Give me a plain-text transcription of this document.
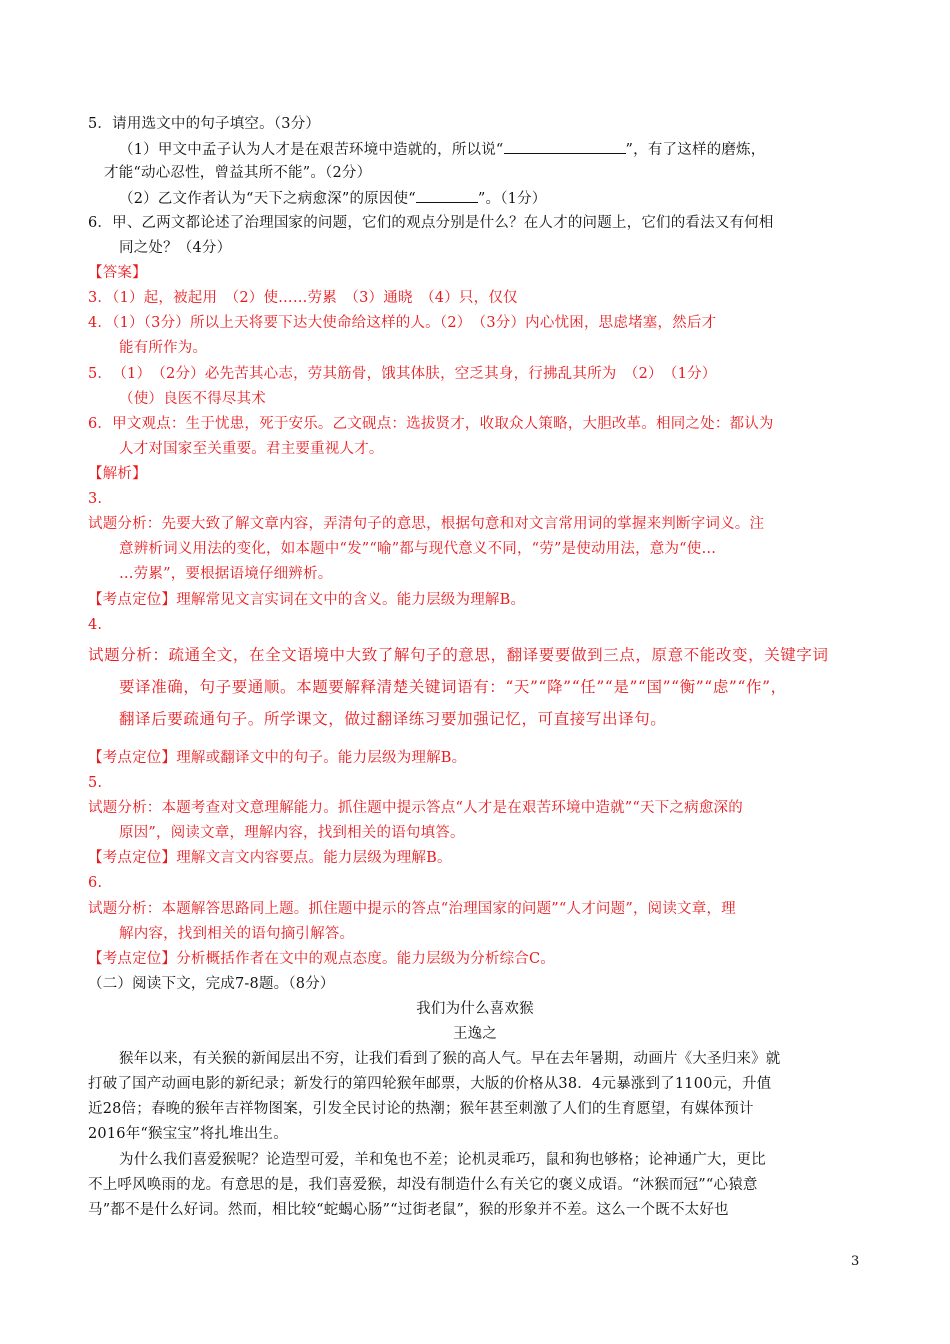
5．请用选文中的句子填空。（3分）
（1）甲文中孟子认为人才是在艰苦环境中造就的，所以说“	”，有了这样的磨炼，
才能“动心忍性，曾益其所不能”。（2分）
（2）乙文作者认为“天下之病愈深”的原因使“	”。（1分）
6．甲、乙两文都论述了治理国家的问题，它们的观点分别是什么？在人才的问题上，它们的看法又有何相
同之处？（4分）
【答案】
3．（1）起，被起用　（2）使……劳累　（3）通晓　（4）只，仅仅
4．（1）（3分）所以上天将要下达大使命给这样的人。（2）　（3分）内心忧困，思虑堵塞，然后才
能有所作为。
5．　（1）　（2分）必先苦其心志，劳其筋骨，饿其体肤，空乏其身，行拂乱其所为　（2）　（1分）
（使）良医不得尽其术
6．甲文观点：生于忧患，死于安乐。乙文砚点：选拔贤才，收取众人策略，大胆改革。相同之处：都认为
人才对国家至关重要。君主要重视人才。
【解析】
3.
试题分析：先要大致了解文章内容，弄清句子的意思，根据句意和对文言常用词的掌握来判断字词义。注
意辨析词义用法的变化，如本题中“发”“喻”都与现代意义不同，“劳”是使动用法，意为“使…
…劳累”，要根据语境仔细辨析。
【考点定位】理解常见文言实词在文中的含义。能力层级为理解B。
4.
试题分析：疏通全文，在全文语境中大致了解句子的意思，翻译要要做到三点，原意不能改变，关键字词
要译准确，句子要通顺。本题要解释清楚关键词语有：“天”“降”“任”“是”“国”“衡”“虑”“作”，
翻译后要疏通句子。所学课文，做过翻译练习要加强记忆，可直接写出译句。
【考点定位】理解或翻译文中的句子。能力层级为理解B。
5.
试题分析：本题考查对文意理解能力。抓住题中提示答点“人才是在艰苦环境中造就”“天下之病愈深的
原因”，阅读文章，理解内容，找到相关的语句填答。
【考点定位】理解文言文内容要点。能力层级为理解B。
6.
试题分析：本题解答思路同上题。抓住题中提示的答点“治理国家的问题”“人才问题”，阅读文章，理
解内容，找到相关的语句摘引解答。
【考点定位】分析概括作者在文中的观点态度。能力层级为分析综合C。
（二）阅读下文，完成7-8题。（8分）
我们为什么喜欢猴
王逸之
猴年以来，有关猴的新闻层出不穷，让我们看到了猴的高人气。早在去年暑期，动画片《大圣归来》就
打破了国产动画电影的新纪录；新发行的第四轮猴年邮票，大版的价格从38．4元暴涨到了1100元，升值
近28倍；春晚的猴年吉祥物图案，引发全民讨论的热潮；猴年甚至刺激了人们的生育愿望，有媒体预计
2016年“猴宝宝”将扎堆出生。
为什么我们喜爱猴呢？论造型可爱，羊和兔也不差；论机灵乖巧，鼠和狗也够格；论神通广大，更比
不上呼风唤雨的龙。有意思的是，我们喜爱猴，却没有制造什么有关它的褒义成语。“沐猴而冠”“心猿意
马”都不是什么好词。然而，相比较“蛇蝎心肠”“过街老鼠”，猴的形象并不差。这么一个既不太好也
3
